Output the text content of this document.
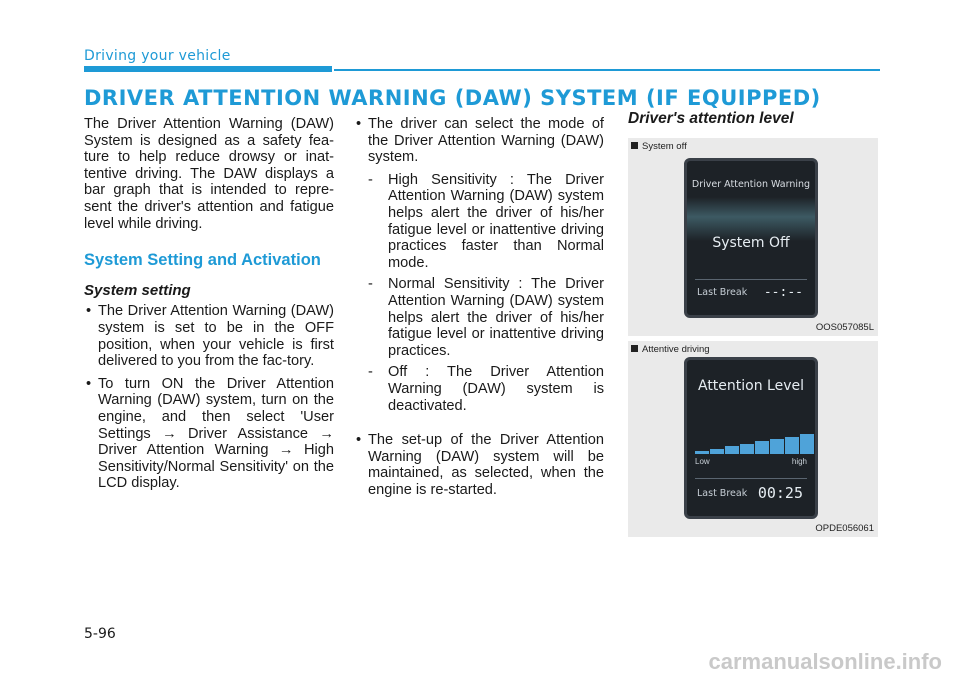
Driving your vehicle
DRIVER ATTENTION WARNING (DAW) SYSTEM (IF EQUIPPED)

The Driver Attention Warning (DAW) System is designed as a safety fea-ture to help reduce drowsy or inat-tentive driving. The DAW displays a bar graph that is intended to repre-sent the driver's attention and fatigue level while driving.

System Setting and Activation
System setting
• The Driver Attention Warning (DAW) system is set to be in the OFF position, when your vehicle is first delivered to you from the fac-tory.
• To turn ON the Driver Attention Warning (DAW) system, turn on the engine, and then select 'User Settings → Driver Assistance → Driver Attention Warning → High Sensitivity/Normal Sensitivity' on the LCD display.
• The driver can select the mode of the Driver Attention Warning (DAW) system.
- High Sensitivity : The Driver Attention Warning (DAW) system helps alert the driver of his/her fatigue level or inattentive driving practices faster than Normal mode.
- Normal Sensitivity : The Driver Attention Warning (DAW) system helps alert the driver of his/her fatigue level or inattentive driving practices.
- Off : The Driver Attention Warning (DAW) system is deactivated.
• The set-up of the Driver Attention Warning (DAW) system will be maintained, as selected, when the engine is re-started.
Driver's attention level
System off
Driver Attention Warning
System Off
Last Break --:--
OOS057085L
Attentive driving
Attention Level
Low	high
Last Break 00:25
OPDE056061
5-96
carmanualsonline.info
